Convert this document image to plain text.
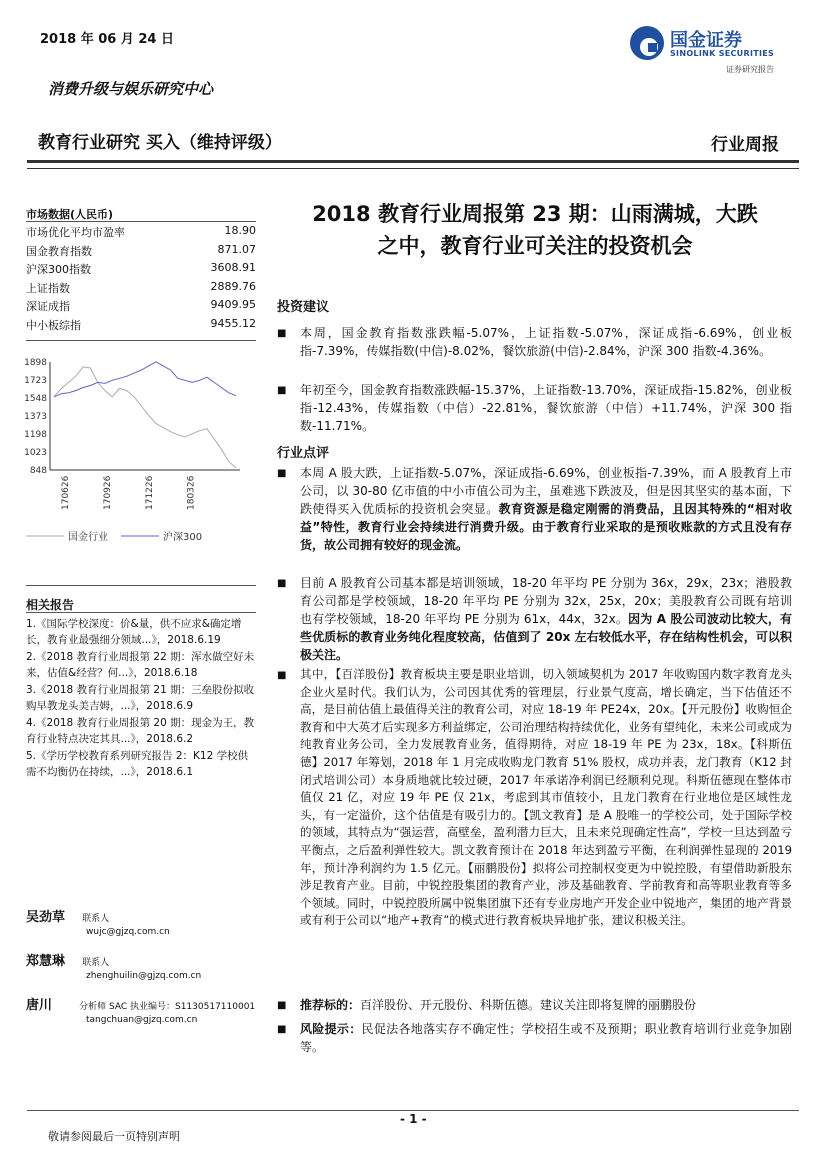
2018 年 06 月 24 日	国金证券
SINOLINK SECURITIES
证券研究报告
消费升级与娱乐研究中心
教育行业研究 买入（维持评级）	行业周报
市场数据(人民币)
市场优化平均市盈率	18.90
国金教育指数	871.07
沪深300指数	3608.91
上证指数	2889.76
深证成指	9409.95
中小板综指	9455.12
1898
1723
1548
1373
1198
1023
848
170626	170926	171226	180326
国金行业	沪深300
相关报告
1.《国际学校深度：价&量，供不应求&确定增长，教育业最强细分领域...》，2018.6.19
2.《2018 教育行业周报第 22 期：浑水做空好未来，估值&经营？何...》，2018.6.18
3.《2018 教育行业周报第 21 期：三垒股份拟收购早教龙头美吉姆，...》，2018.6.9
4.《2018 教育行业周报第 20 期：现金为王，教育行业特点决定其具...》，2018.6.2
5.《学历学校教育系列研究报告 2：K12 学校供需不均衡仍在持续，...》，2018.6.1
吴劲草 联系人
wujc@gjzq.com.cn
郑慧琳 联系人
zhenghuilin@gjzq.com.cn
唐川	分析师 SAC 执业编号：S1130517110001
tangchuan@gjzq.com.cn
2018 教育行业周报第 23 期：山雨满城，大跌
之中，教育行业可关注的投资机会
投资建议
■ 本周，国金教育指数涨跌幅-5.07%，上证指数-5.07%，深证成指-6.69%，创业板指-7.39%，传媒指数(中信)-8.02%，餐饮旅游(中信)-2.84%，沪深 300 指数-4.36%。
■ 年初至今，国金教育指数涨跌幅-15.37%，上证指数-13.70%，深证成指-15.82%，创业板指-12.43%，传媒指数（中信）-22.81%，餐饮旅游（中信）+11.74%，沪深 300 指数-11.71%。
行业点评
■ 本周 A 股大跌，上证指数-5.07%，深证成指-6.69%，创业板指-7.39%，而 A 股教育上市公司，以 30-80 亿市值的中小市值公司为主，虽难逃下跌波及，但是因其坚实的基本面，下跌使得买入优质标的投资机会突显。教育资源是稳定刚需的消费品，且因其特殊的“相对收益”特性，教育行业会持续进行消费升级。由于教育行业采取的是预收账款的方式且没有存货，故公司拥有较好的现金流。
■ 目前 A 股教育公司基本都是培训领域，18-20 年平均 PE 分别为 36x，29x，23x；港股教育公司都是学校领域，18-20 年平均 PE 分别为 32x，25x，20x；美股教育公司既有培训也有学校领域，18-20 年平均 PE 分别为 61x，44x，32x。因为 A 股公司波动比较大，有些优质标的教育业务纯化程度较高，估值到了 20x 左右较低水平，存在结构性机会，可以积极关注。
■ 其中，【百洋股份】教育板块主要是职业培训，切入领域契机为 2017 年收购国内数字教育龙头企业火星时代。我们认为，公司因其优秀的管理层，行业景气度高，增长确定，当下估值还不高，是目前估值上最值得关注的教育公司，对应 18-19 年 PE24x，20x。【开元股份】收购恒企教育和中大英才后实现多方利益绑定，公司治理结构持续优化，业务有望纯化，未来公司或成为纯教育业务公司，全力发展教育业务，值得期待，对应 18-19 年 PE 为 23x，18x。【科斯伍德】2017 年筹划，2018 年 1 月完成收购龙门教育 51% 股权，成功并表，龙门教育（K12 封闭式培训公司）本身质地就比较过硬，2017 年承诺净利润已经顺利兑现。科斯伍德现在整体市值仅 21 亿，对应 19 年 PE 仅 21x，考虑到其市值较小，且龙门教育在行业地位是区域性龙头，有一定溢价，这个估值是有吸引力的。【凯文教育】是 A 股唯一的学校公司，处于国际学校的领域，其特点为“强运营，高壁垒，盈利潜力巨大，且未来兑现确定性高”，学校一旦达到盈亏平衡点，之后盈利弹性较大。凯文教育预计在 2018 年达到盈亏平衡，在利润弹性显现的 2019 年，预计净利润约为 1.5 亿元。【丽鹏股份】拟将公司控制权变更为中锐控股，有望借助新股东涉足教育产业。目前，中锐控股集团的教育产业，涉及基础教育、学前教育和高等职业教育等多个领域。同时，中锐控股所属中锐集团旗下还有专业房地产开发企业中锐地产，集团的地产背景或有利于公司以“地产+教育”的模式进行教育板块异地扩张，建议积极关注。
■ 推荐标的：百洋股份、开元股份、科斯伍德。建议关注即将复牌的丽鹏股份
■ 风险提示：民促法各地落实存不确定性；学校招生或不及预期；职业教育培训行业竞争加剧等。
- 1 -
敬请参阅最后一页特别声明
